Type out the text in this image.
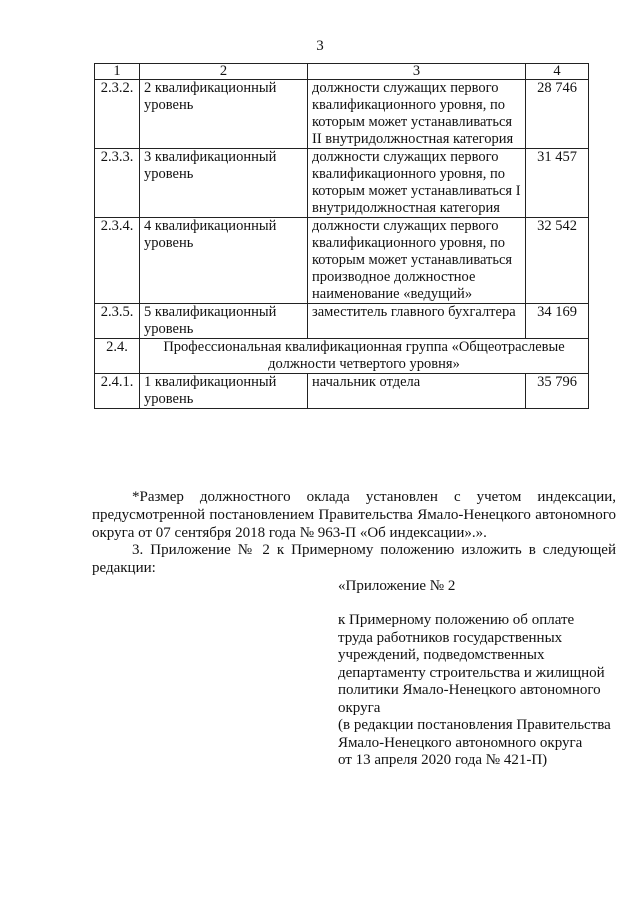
3
1	2	3	4
2.3.2.	2 квалификационный уровень	должности служащих первого квалификационного уровня, по которым может устанавливаться II внутридолжностная категория	28 746
2.3.3.	3 квалификационный уровень	должности служащих первого квалификационного уровня, по которым может устанавливаться I внутридолжностная категория	31 457
2.3.4.	4 квалификационный уровень	должности служащих первого квалификационного уровня, по которым может устанавливаться производное должностное наименование «ведущий»	32 542
2.3.5.	5 квалификационный уровень	заместитель главного бухгалтера	34 169
2.4.	Профессиональная квалификационная группа «Общеотраслевые должности четвертого уровня»		
2.4.1.	1 квалификационный уровень	начальник отдела	35 796
*Размер должностного оклада установлен с учетом индексации, предусмотренной постановлением Правительства Ямало-Ненецкого автономного округа от 07 сентября 2018 года № 963-П «Об индексации».».
3. Приложение № 2 к Примерному положению изложить в следующей редакции:
«Приложение № 2
к Примерному положению об оплате
труда работников государственных
учреждений, подведомственных
департаменту строительства и жилищной
политики Ямало-Ненецкого автономного
округа
(в редакции постановления Правительства
Ямало-Ненецкого автономного округа
от 13 апреля 2020 года № 421-П)
